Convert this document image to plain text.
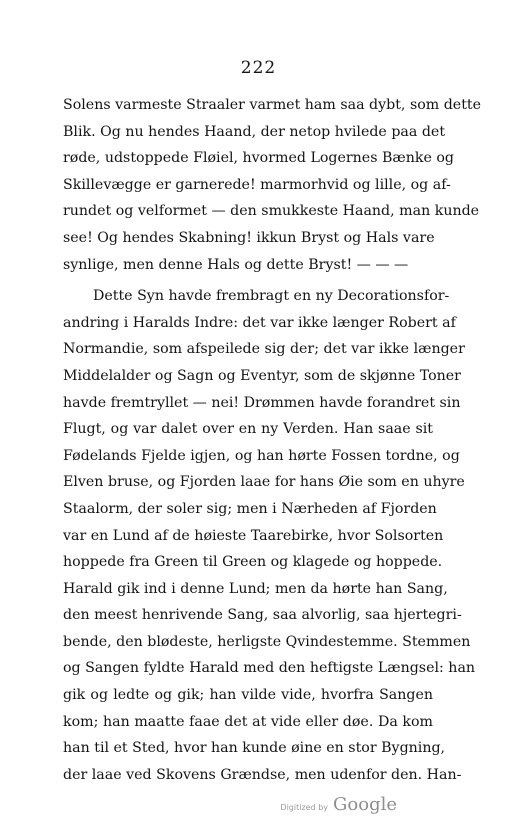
222
Solens varmeste Straaler varmet ham saa dybt, som dette
Blik. Og nu hendes Haand, der netop hvilede paa det
røde, udstoppede Fløiel, hvormed Logernes Bænke og
Skillevægge er garnerede! marmorhvid og lille, og af-
rundet og velformet — den smukkeste Haand, man kunde
see! Og hendes Skabning! ikkun Bryst og Hals vare
synlige, men denne Hals og dette Bryst! — — —
Dette Syn havde frembragt en ny Decorationsfor-
andring i Haralds Indre: det var ikke længer Robert af
Normandie, som afspeilede sig der; det var ikke længer
Middelalder og Sagn og Eventyr, som de skjønne Toner
havde fremtryllet — nei! Drømmen havde forandret sin
Flugt, og var dalet over en ny Verden. Han saae sit
Fødelands Fjelde igjen, og han hørte Fossen tordne, og
Elven bruse, og Fjorden laae for hans Øie som en uhyre
Staalorm, der soler sig; men i Nærheden af Fjorden
var en Lund af de høieste Taarebirke, hvor Solsorten
hoppede fra Green til Green og klagede og hoppede.
Harald gik ind i denne Lund; men da hørte han Sang,
den meest henrivende Sang, saa alvorlig, saa hjertegri-
bende, den blødeste, herligste Qvindestemme. Stemmen
og Sangen fyldte Harald med den heftigste Længsel: han
gik og ledte og gik; han vilde vide, hvorfra Sangen
kom; han maatte faae det at vide eller døe. Da kom
han til et Sted, hvor han kunde øine en stor Bygning,
der laae ved Skovens Grændse, men udenfor den. Han-
Digitized by Google
